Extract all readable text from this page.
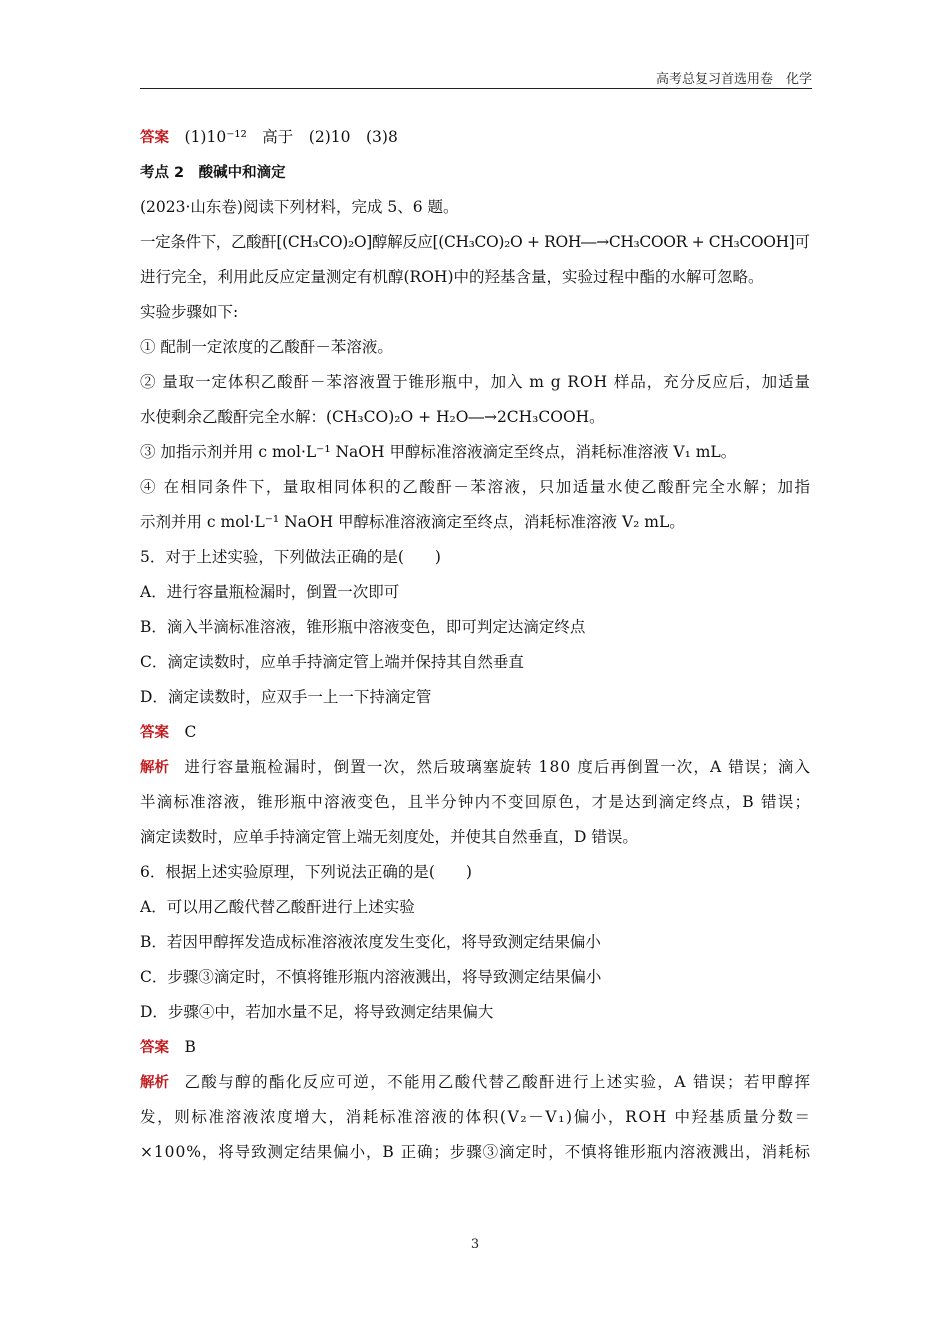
高考总复习首选用卷　化学
答案　 (1)10⁻¹²　高于　(2)10　(3)8
考点 2　酸碱中和滴定
(2023·山东卷)阅读下列材料，完成 5、6 题。
一定条件下，乙酸酐[(CH₃CO)₂O]醇解反应[(CH₃CO)₂O + ROH―→CH₃COOR + CH₃COOH]可
进行完全，利用此反应定量测定有机醇(ROH)中的羟基含量，实验过程中酯的水解可忽略。
实验步骤如下:
① 配制一定浓度的乙酸酐－苯溶液。
② 量取一定体积乙酸酐－苯溶液置于锥形瓶中，加入 m g ROH 样品，充分反应后，加适量
水使剩余乙酸酐完全水解：(CH₃CO)₂O + H₂O―→2CH₃COOH。
③ 加指示剂并用 c mol·L⁻¹ NaOH 甲醇标准溶液滴定至终点，消耗标准溶液 V₁ mL。
④ 在相同条件下，量取相同体积的乙酸酐－苯溶液，只加适量水使乙酸酐完全水解；加指
示剂并用 c mol·L⁻¹ NaOH 甲醇标准溶液滴定至终点，消耗标准溶液 V₂ mL。
5．对于上述实验，下列做法正确的是(　　)
A．进行容量瓶检漏时，倒置一次即可
B．滴入半滴标准溶液，锥形瓶中溶液变色，即可判定达滴定终点
C．滴定读数时，应单手持滴定管上端并保持其自然垂直
D．滴定读数时，应双手一上一下持滴定管
答案　 C
解析　 进行容量瓶检漏时，倒置一次，然后玻璃塞旋转 180 度后再倒置一次，A 错误；滴入
半滴标准溶液，锥形瓶中溶液变色，且半分钟内不变回原色，才是达到滴定终点，B 错误；
滴定读数时，应单手持滴定管上端无刻度处，并使其自然垂直，D 错误。
6．根据上述实验原理，下列说法正确的是(　　)
A．可以用乙酸代替乙酸酐进行上述实验
B．若因甲醇挥发造成标准溶液浓度发生变化，将导致测定结果偏小
C．步骤③滴定时，不慎将锥形瓶内溶液溅出，将导致测定结果偏小
D．步骤④中，若加水量不足，将导致测定结果偏大
答案　 B
解析　 乙酸与醇的酯化反应可逆，不能用乙酸代替乙酸酐进行上述实验，A 错误；若甲醇挥
发，则标准溶液浓度增大，消耗标准溶液的体积(V₂－V₁)偏小，ROH 中羟基质量分数＝
×100%，将导致测定结果偏小，B 正确；步骤③滴定时，不慎将锥形瓶内溶液溅出，消耗标
3
